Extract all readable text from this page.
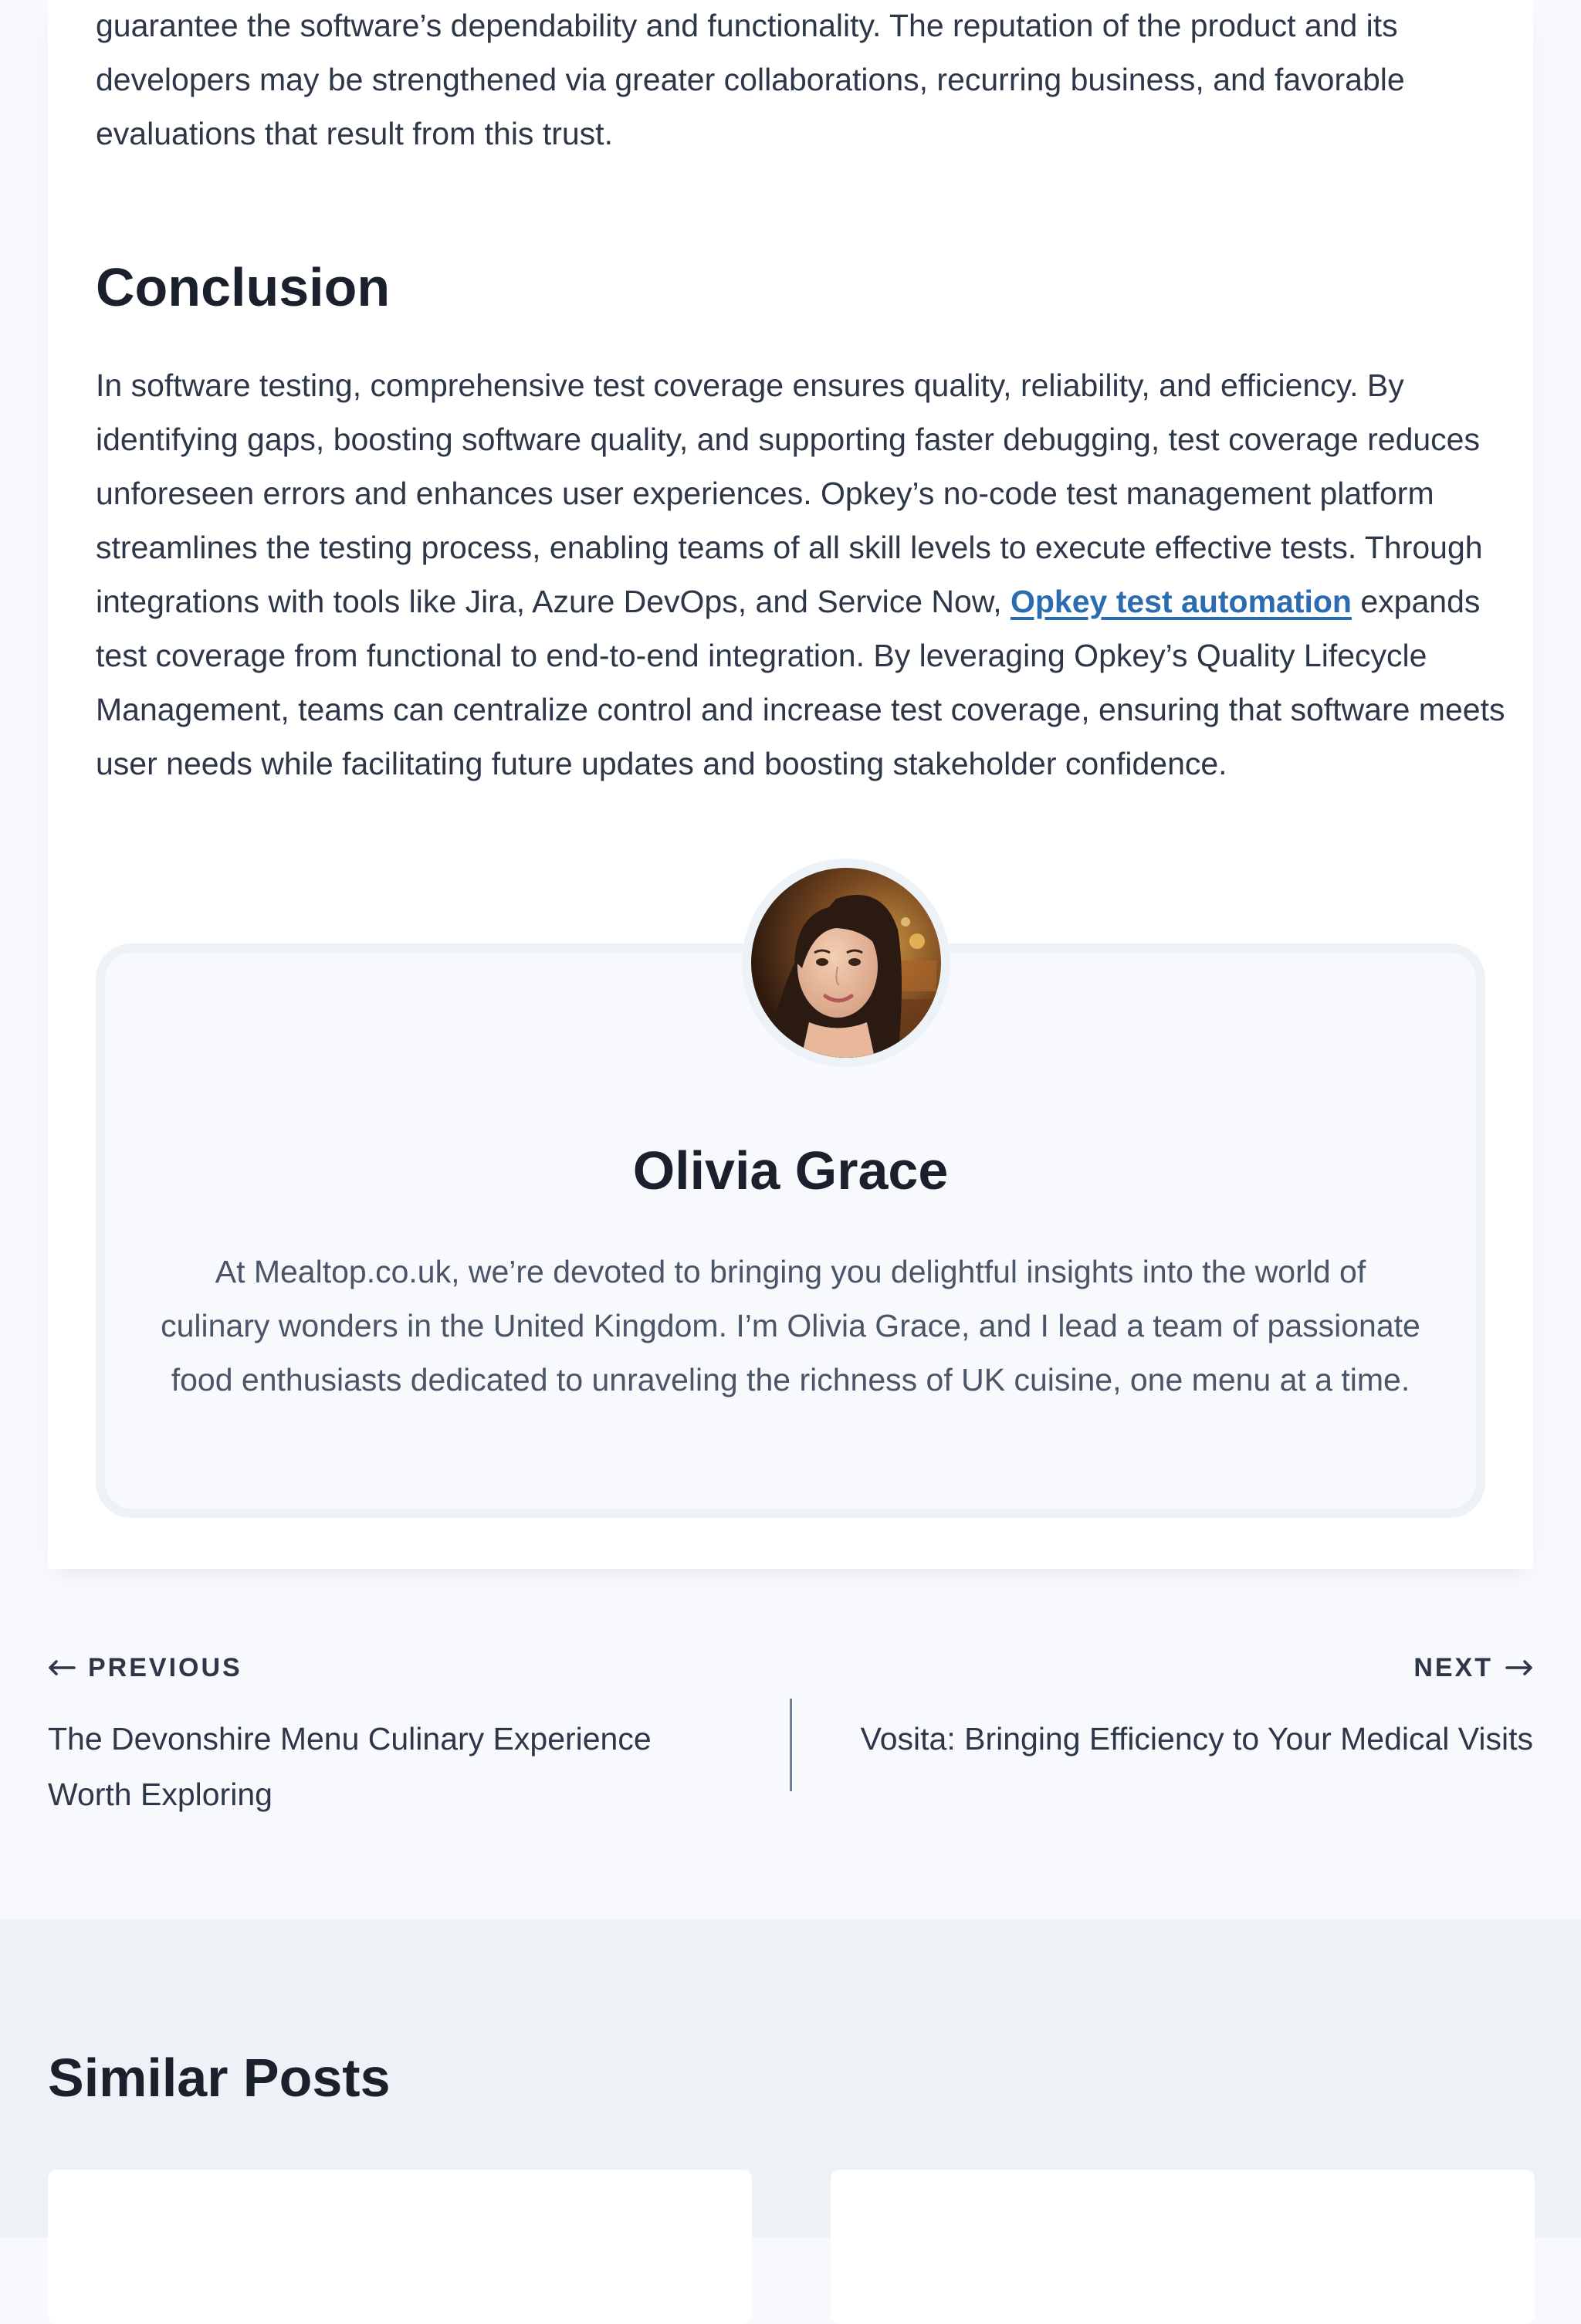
guarantee the software’s dependability and functionality. The reputation of the product and its developers may be strengthened via greater collaborations, recurring business, and favorable evaluations that result from this trust.

Conclusion

In software testing, comprehensive test coverage ensures quality, reliability, and efficiency. By identifying gaps, boosting software quality, and supporting faster debugging, test coverage reduces unforeseen errors and enhances user experiences. Opkey’s no-code test management platform streamlines the testing process, enabling teams of all skill levels to execute effective tests. Through integrations with tools like Jira, Azure DevOps, and Service Now, Opkey test automation expands test coverage from functional to end-to-end integration. By leveraging Opkey’s Quality Lifecycle Management, teams can centralize control and increase test coverage, ensuring that software meets user needs while facilitating future updates and boosting stakeholder confidence.

Olivia Grace

At Mealtop.co.uk, we’re devoted to bringing you delightful insights into the world of culinary wonders in the United Kingdom. I’m Olivia Grace, and I lead a team of passionate food enthusiasts dedicated to unraveling the richness of UK cuisine, one menu at a time.

PREVIOUS
The Devonshire Menu Culinary Experience Worth Exploring
NEXT
Vosita: Bringing Efficiency to Your Medical Visits
Similar Posts
